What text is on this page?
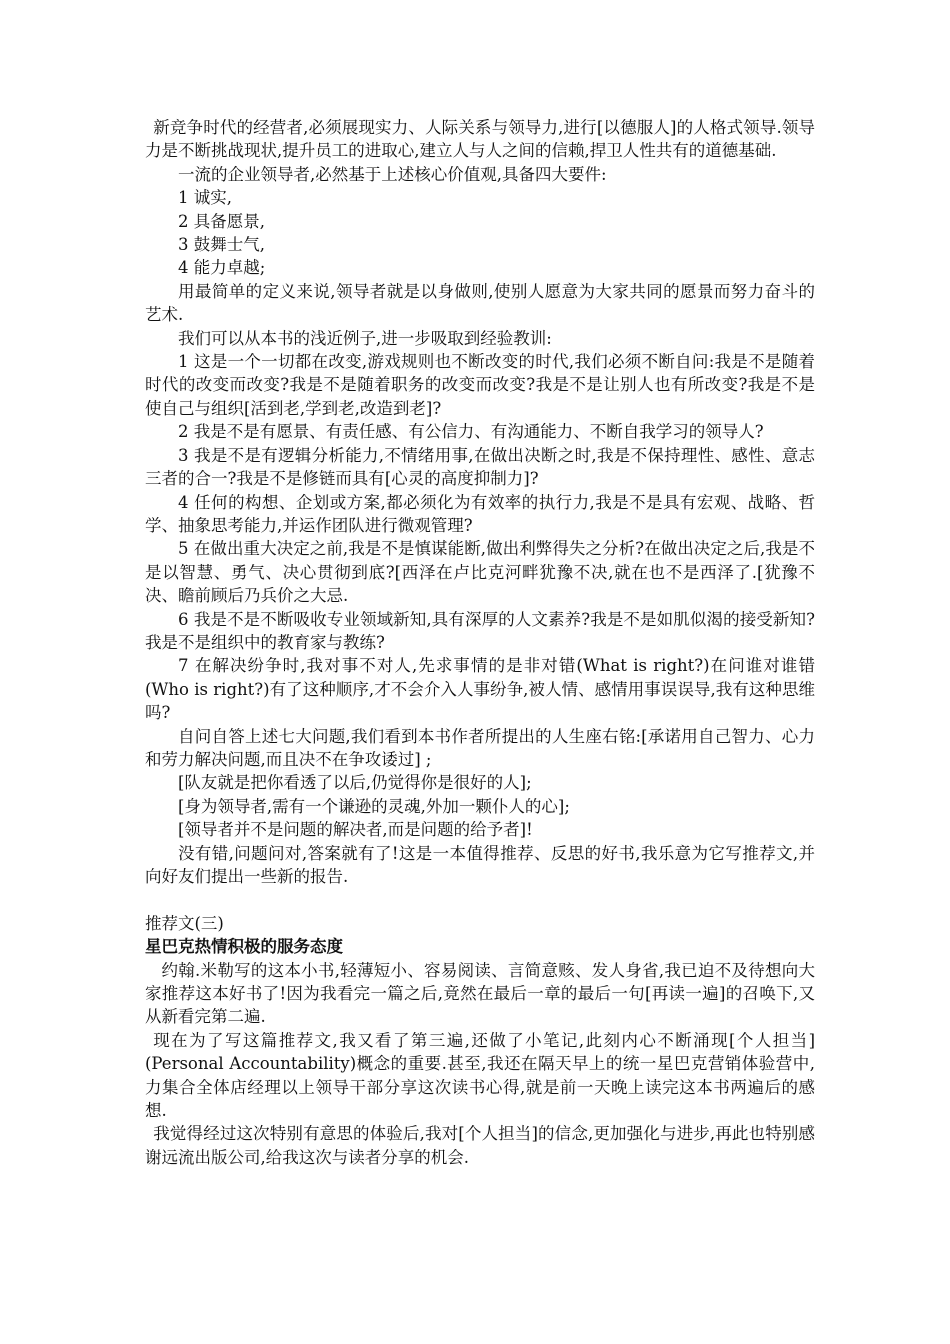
新竞争时代的经营者,必须展现实力、人际关系与领导力,进行[以德服人]的人格式领导.领导力是不断挑战现状,提升员工的进取心,建立人与人之间的信赖,捍卫人性共有的道德基础.

一流的企业领导者,必然基于上述核心价值观,具备四大要件:

1 诚实,

2 具备愿景,

3 鼓舞士气,

4 能力卓越;

用最简单的定义来说,领导者就是以身做则,使别人愿意为大家共同的愿景而努力奋斗的艺术.

我们可以从本书的浅近例子,进一步吸取到经验教训:

1 这是一个一切都在改变,游戏规则也不断改变的时代,我们必须不断自问:我是不是随着时代的改变而改变?我是不是随着职务的改变而改变?我是不是让别人也有所改变?我是不是使自己与组织[活到老,学到老,改造到老]?

2 我是不是有愿景、有责任感、有公信力、有沟通能力、不断自我学习的领导人?

3 我是不是有逻辑分析能力,不情绪用事,在做出决断之时,我是不保持理性、感性、意志三者的合一?我是不是修链而具有[心灵的高度抑制力]?

4 任何的构想、企划或方案,都必须化为有效率的执行力,我是不是具有宏观、战略、哲学、抽象思考能力,并运作团队进行微观管理?

5 在做出重大决定之前,我是不是慎谋能断,做出利弊得失之分析?在做出决定之后,我是不是以智慧、勇气、决心贯彻到底?[西泽在卢比克河畔犹豫不决,就在也不是西泽了.[犹豫不决、瞻前顾后乃兵价之大忌.

6 我是不是不断吸收专业领域新知,具有深厚的人文素养?我是不是如肌似渴的接受新知?我是不是组织中的教育家与教练?

7 在解决纷争时,我对事不对人,先求事情的是非对错(What is right?)在问谁对谁错(Who is right?)有了这种顺序,才不会介入人事纷争,被人情、感情用事误误导,我有这种思维吗?

自问自答上述七大问题,我们看到本书作者所提出的人生座右铭:[承诺用自己智力、心力和劳力解决问题,而且决不在争攻诿过] ;

[队友就是把你看透了以后,仍觉得你是很好的人];

[身为领导者,需有一个谦逊的灵魂,外加一颗仆人的心];

[领导者并不是问题的解决者,而是问题的给予者]!

没有错,问题问对,答案就有了!这是一本值得推荐、反思的好书,我乐意为它写推荐文,并向好友们提出一些新的报告.

推荐文(三)

星巴克热情积极的服务态度

约翰.米勒写的这本小书,轻薄短小、容易阅读、言简意赅、发人身省,我已迫不及待想向大家推荐这本好书了!因为我看完一篇之后,竟然在最后一章的最后一句[再读一遍]的召唤下,又从新看完第二遍.

现在为了写这篇推荐文,我又看了第三遍,还做了小笔记,此刻内心不断涌现[个人担当](Personal Accountability)概念的重要.甚至,我还在隔天早上的统一星巴克营销体验营中,力集合全体店经理以上领导干部分享这次读书心得,就是前一天晚上读完这本书两遍后的感想.

我觉得经过这次特别有意思的体验后,我对[个人担当]的信念,更加强化与进步,再此也特别感谢远流出版公司,给我这次与读者分享的机会.
